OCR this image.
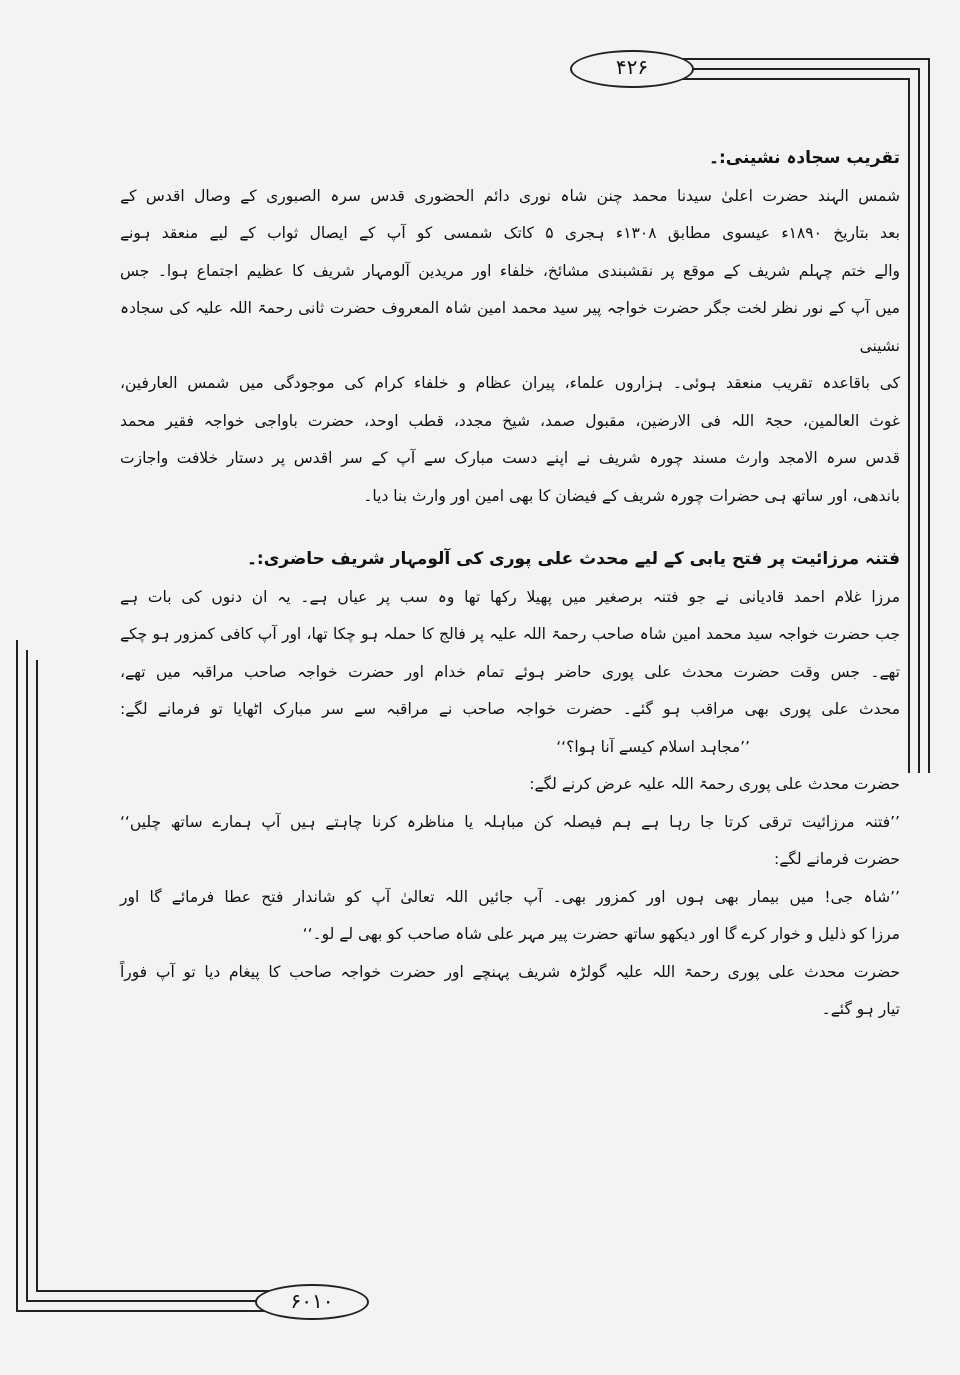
۴۲۶
۶۰۱۰
تقریب سجادہ نشینی:۔
شمس الہند حضرت اعلیٰ سیدنا محمد چنن شاہ نوری دائم الحضوری قدس سرہ الصبوری کے وصال اقدس کے
بعد بتاریخ ۱۸۹۰ء عیسوی مطابق ۱۳۰۸ء ہجری ۵ کاتک شمسی کو آپ کے ایصال ثواب کے لیے منعقد ہونے
والے ختم چہلم شریف کے موقع پر نقشبندی مشائخ، خلفاء اور مریدین آلومہار شریف کا عظیم اجتماع ہوا۔ جس
میں آپ کے نور نظر لخت جگر حضرت خواجہ پیر سید محمد امین شاہ المعروف حضرت ثانی رحمۃ اللہ علیہ کی سجادہ نشینی
کی باقاعدہ تقریب منعقد ہوئی۔ ہزاروں علماء، پیران عظام و خلفاء کرام کی موجودگی میں شمس العارفین،
غوث العالمین، حجۃ اللہ فی الارضین، مقبول صمد، شیخ مجدد، قطب اوحد، حضرت باواجی خواجہ فقیر محمد
قدس سرہ الامجد وارث مسند چورہ شریف نے اپنے دست مبارک سے آپ کے سر اقدس پر دستار خلافت واجازت
باندھی، اور ساتھ ہی حضرات چورہ شریف کے فیضان کا بھی امین اور وارث بنا دیا۔
فتنہ مرزائیت پر فتح یابی کے لیے محدث علی پوری کی آلومہار شریف حاضری:۔
مرزا غلام احمد قادیانی نے جو فتنہ برصغیر میں پھیلا رکھا تھا وہ سب پر عیاں ہے۔ یہ ان دنوں کی بات ہے
جب حضرت خواجہ سید محمد امین شاہ صاحب رحمۃ اللہ علیہ پر فالج کا حملہ ہو چکا تھا، اور آپ کافی کمزور ہو چکے
تھے۔ جس وقت حضرت محدث علی پوری حاضر ہوئے تمام خدام اور حضرت خواجہ صاحب مراقبہ میں تھے،
محدث علی پوری بھی مراقب ہو گئے۔ حضرت خواجہ صاحب نے مراقبہ سے سر مبارک اٹھایا تو فرمانے لگے:
’’مجاہد اسلام کیسے آنا ہوا؟‘‘
حضرت محدث علی پوری رحمۃ اللہ علیہ عرض کرنے لگے:
’’فتنہ مرزائیت ترقی کرتا جا رہا ہے ہم فیصلہ کن مباہلہ یا مناظرہ کرنا چاہتے ہیں آپ ہمارے ساتھ چلیں‘‘
حضرت فرمانے لگے:
’’شاہ جی! میں بیمار بھی ہوں اور کمزور بھی۔ آپ جائیں اللہ تعالیٰ آپ کو شاندار فتح عطا فرمائے گا اور
مرزا کو ذلیل و خوار کرے گا اور دیکھو ساتھ حضرت پیر مہر علی شاہ صاحب کو بھی لے لو۔‘‘
حضرت محدث علی پوری رحمۃ اللہ علیہ گولڑہ شریف پہنچے اور حضرت خواجہ صاحب کا پیغام دیا تو آپ فوراً
تیار ہو گئے۔
